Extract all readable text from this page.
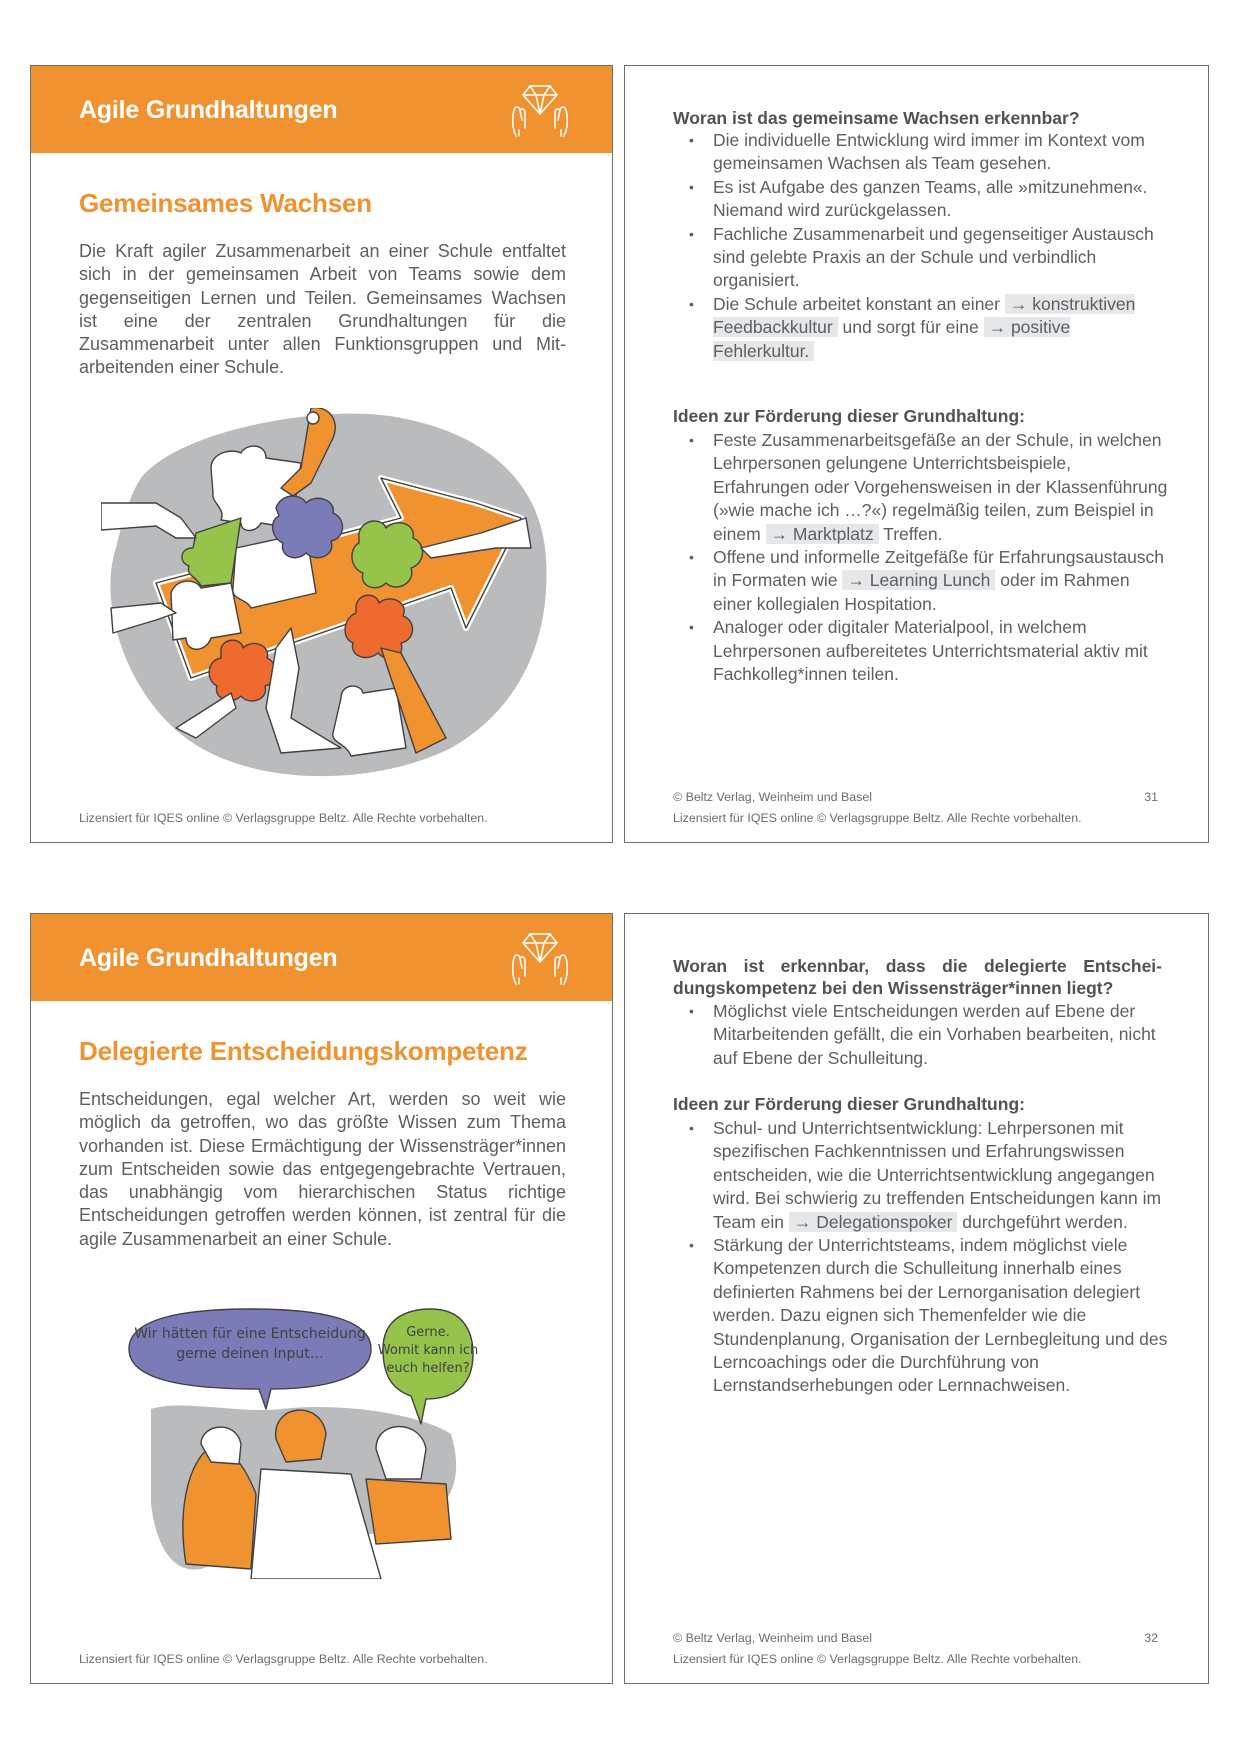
Agile Grundhaltungen
Gemeinsames Wachsen
Die Kraft agiler Zusammenarbeit an einer Schule entfaltet sich in der gemeinsamen Arbeit von Teams sowie dem gegenseitigen Lernen und Teilen. Gemeinsames Wachsen ist eine der zentralen Grundhaltungen für die Zusammenarbeit unter allen Funktionsgruppen und Mitarbeitenden einer Schule.
Lizensiert für IQES online © Verlagsgruppe Beltz. Alle Rechte vorbehalten.
Woran ist das gemeinsame Wachsen erkennbar?
• Die individuelle Entwicklung wird immer im Kontext vom gemeinsamen Wachsen als Team gesehen.
• Es ist Aufgabe des ganzen Teams, alle »mitzunehmen«. Niemand wird zurückgelassen.
• Fachliche Zusammenarbeit und gegenseitiger Austausch sind gelebte Praxis an der Schule und verbindlich organisiert.
• Die Schule arbeitet konstant an einer → konstruktiven Feedbackkultur und sorgt für eine → positive Fehlerkultur.
Ideen zur Förderung dieser Grundhaltung:
• Feste Zusammenarbeitsgefäße an der Schule, in welchen Lehrpersonen gelungene Unterrichtsbeispiele, Erfahrungen oder Vorgehensweisen in der Klassenführung (»wie mache ich …?«) regelmäßig teilen, zum Beispiel in einem → Marktplatz Treffen.
• Offene und informelle Zeitgefäße für Erfahrungsaustausch in Formaten wie → Learning Lunch oder im Rahmen einer kollegialen Hospitation.
• Analoger oder digitaler Materialpool, in welchem Lehrpersonen aufbereitetes Unterrichtsmaterial aktiv mit Fachkolleg*innen teilen.
© Beltz Verlag, Weinheim und Basel	31
Lizensiert für IQES online © Verlagsgruppe Beltz. Alle Rechte vorbehalten.
Agile Grundhaltungen
Delegierte Entscheidungskompetenz
Entscheidungen, egal welcher Art, werden so weit wie möglich da getroffen, wo das größte Wissen zum Thema vorhanden ist. Diese Ermächtigung der Wissensträger*innen zum Entscheiden sowie das entgegengebrachte Vertrauen, das unabhängig vom hierarchischen Status richtige Entscheidungen getroffen werden können, ist zentral für die agile Zusammenarbeit an einer Schule.
Wir hätten für eine Entscheidung
gerne deinen Input…
Gerne.
Womit kann ich
euch helfen?
Lizensiert für IQES online © Verlagsgruppe Beltz. Alle Rechte vorbehalten.
Woran ist erkennbar, dass die delegierte Entscheidungskompetenz bei den Wissensträger*innen liegt?
• Möglichst viele Entscheidungen werden auf Ebene der Mitarbeitenden gefällt, die ein Vorhaben bearbeiten, nicht auf Ebene der Schulleitung.
Ideen zur Förderung dieser Grundhaltung:
• Schul- und Unterrichtsentwicklung: Lehrpersonen mit spezifischen Fachkenntnissen und Erfahrungswissen entscheiden, wie die Unterrichtsentwicklung angegangen wird. Bei schwierig zu treffenden Entscheidungen kann im Team ein → Delegationspoker durchgeführt werden.
• Stärkung der Unterrichtsteams, indem möglichst viele Kompetenzen durch die Schulleitung innerhalb eines definierten Rahmens bei der Lernorganisation delegiert werden. Dazu eignen sich Themenfelder wie die Stundenplanung, Organisation der Lernbegleitung und des Lerncoachings oder die Durchführung von Lernstandserhebungen oder Lernnachweisen.
© Beltz Verlag, Weinheim und Basel	32
Lizensiert für IQES online © Verlagsgruppe Beltz. Alle Rechte vorbehalten.
